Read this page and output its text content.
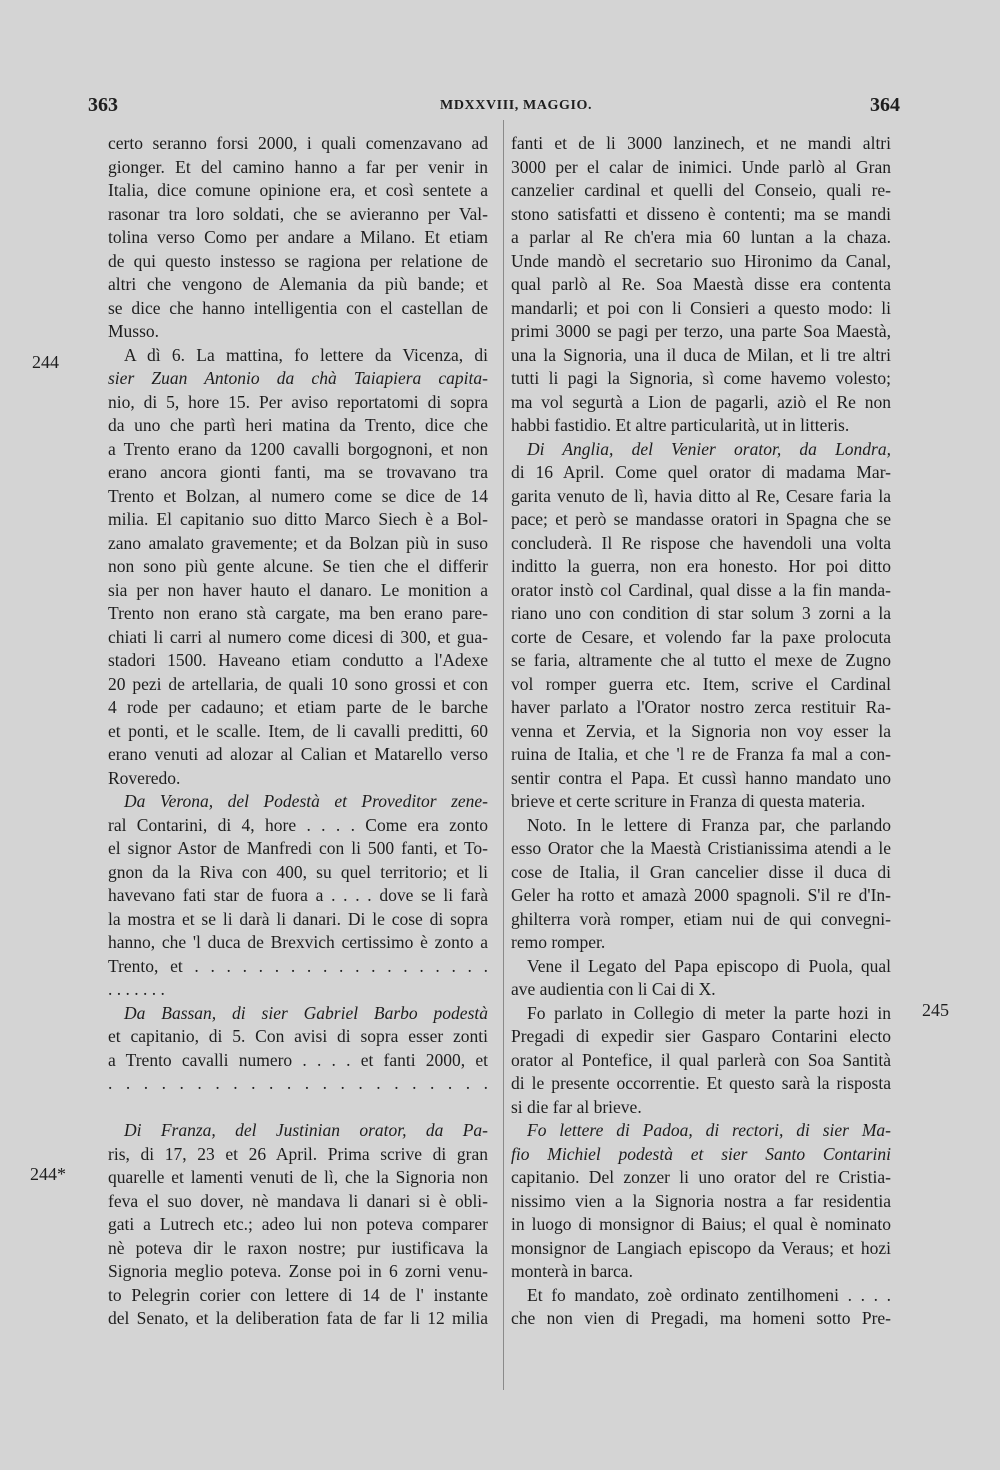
363	MDXXVIII, MAGGIO.	364
244
244*
245
certo seranno forsi 2000, i quali comenzavano ad
gionger. Et del camino hanno a far per venir in
Italia, dice comune opinione era, et così sentete a
rasonar tra loro soldati, che se avieranno per Val-
tolina verso Como per andare a Milano. Et etiam
de qui questo instesso se ragiona per relatione de
altri che vengono de Alemania da più bande; et
se dice che hanno intelligentia con el castellan de
Musso.
A dì 6. La mattina, fo lettere da Vicenza, di
sier Zuan Antonio da chà Taiapiera capita-
nio, di 5, hore 15. Per aviso reportatomi di sopra
da uno che partì heri matina da Trento, dice che
a Trento erano da 1200 cavalli borgognoni, et non
erano ancora gionti fanti, ma se trovavano tra
Trento et Bolzan, al numero come se dice de 14
milia. El capitanio suo ditto Marco Siech è a Bol-
zano amalato gravemente; et da Bolzan più in suso
non sono più gente alcune. Se tien che el differir
sia per non haver hauto el danaro. Le monition a
Trento non erano stà cargate, ma ben erano pare-
chiati li carri al numero come dicesi di 300, et gua-
stadori 1500. Haveano etiam condutto a l'Adexe
20 pezi de artellaria, de quali 10 sono grossi et con
4 rode per cadauno; et etiam parte de le barche
et ponti, et le scalle. Item, de li cavalli preditti, 60
erano venuti ad alozar al Calian et Matarello verso
Roveredo.
Da Verona, del Podestà et Proveditor zene-
ral Contarini, di 4, hore . . . . Come era zonto
el signor Astor de Manfredi con li 500 fanti, et To-
gnon da la Riva con 400, su quel territorio; et li
havevano fati star de fuora a . . . . dove se li farà
la mostra et se li darà li danari. Di le cose di sopra
hanno, che 'l duca de Brexvich certissimo è zonto a
Trento, et . . . . . . . . . . . . . . . . . . .
. . . . . . .
Da Bassan, di sier Gabriel Barbo podestà
et capitanio, di 5. Con avisi di sopra esser zonti
a Trento cavalli numero . . . . et fanti 2000, et
. . . . . . . . . . . . . . . . . . . . . .
Di Franza, del Justinian orator, da Pa-
ris, di 17, 23 et 26 April. Prima scrive di gran
quarelle et lamenti venuti de lì, che la Signoria non
feva el suo dover, nè mandava li danari si è obli-
gati a Lutrech etc.; adeo lui non poteva comparer
nè poteva dir le raxon nostre; pur iustificava la
Signoria meglio poteva. Zonse poi in 6 zorni venu-
to Pelegrin corier con lettere di 14 de l' instante
del Senato, et la deliberation fata de far li 12 milia
fanti et de li 3000 lanzinech, et ne mandi altri
3000 per el calar de inimici. Unde parlò al Gran
canzelier cardinal et quelli del Conseio, quali re-
stono satisfatti et disseno è contenti; ma se mandi
a parlar al Re ch'era mia 60 luntan a la chaza.
Unde mandò el secretario suo Hironimo da Canal,
qual parlò al Re. Soa Maestà disse era contenta
mandarli; et poi con li Consieri a questo modo: li
primi 3000 se pagi per terzo, una parte Soa Maestà,
una la Signoria, una il duca de Milan, et li tre altri
tutti li pagi la Signoria, sì come havemo volesto;
ma vol segurtà a Lion de pagarli, aziò el Re non
habbi fastidio. Et altre particularità, ut in litteris.
Di Anglia, del Venier orator, da Londra,
di 16 April. Come quel orator di madama Mar-
garita venuto de lì, havia ditto al Re, Cesare faria la
pace; et però se mandasse oratori in Spagna che se
concluderà. Il Re rispose che havendoli una volta
inditto la guerra, non era honesto. Hor poi ditto
orator instò col Cardinal, qual disse a la fin manda-
riano uno con condition di star solum 3 zorni a la
corte de Cesare, et volendo far la paxe prolocuta
se faria, altramente che al tutto el mexe de Zugno
vol romper guerra etc. Item, scrive el Cardinal
haver parlato a l'Orator nostro zerca restituir Ra-
venna et Zervia, et la Signoria non voy esser la
ruina de Italia, et che 'l re de Franza fa mal a con-
sentir contra el Papa. Et cussì hanno mandato uno
brieve et certe scriture in Franza di questa materia.
Noto. In le lettere di Franza par, che parlando
esso Orator che la Maestà Cristianissima atendi a le
cose de Italia, il Gran cancelier disse il duca di
Geler ha rotto et amazà 2000 spagnoli. S'il re d'In-
ghilterra vorà romper, etiam nui de qui convegni-
remo romper.
Vene il Legato del Papa episcopo di Puola, qual
ave audientia con li Cai di X.
Fo parlato in Collegio di meter la parte hozi in
Pregadi di expedir sier Gasparo Contarini electo
orator al Pontefice, il qual parlerà con Soa Santità
di le presente occorrentie. Et questo sarà la risposta
si die far al brieve.
Fo lettere di Padoa, di rectori, di sier Ma-
fio Michiel podestà et sier Santo Contarini
capitanio. Del zonzer li uno orator del re Cristia-
nissimo vien a la Signoria nostra a far residentia
in luogo di monsignor di Baius; el qual è nominato
monsignor de Langiach episcopo da Veraus; et hozi
monterà in barca.
Et fo mandato, zoè ordinato zentilhomeni . . . .
che non vien di Pregadi, ma homeni sotto Pre-
